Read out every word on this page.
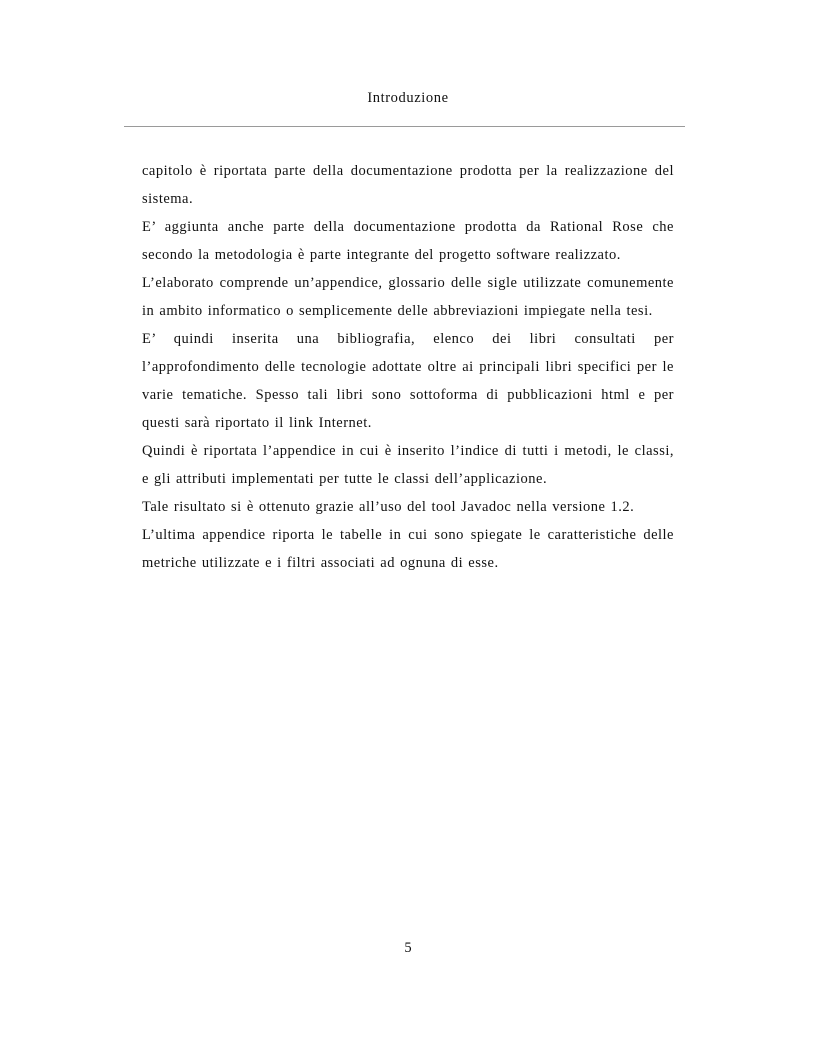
Introduzione

capitolo è riportata parte della documentazione prodotta per la realizzazione del sistema.

E’ aggiunta anche parte della documentazione prodotta da Rational Rose che secondo la metodologia è parte integrante del progetto software realizzato.

L’elaborato comprende un’appendice, glossario delle sigle utilizzate comunemente in ambito informatico o semplicemente delle abbreviazioni impiegate nella tesi.

E’ quindi inserita una bibliografia, elenco dei libri consultati per l’approfondimento delle tecnologie adottate oltre ai principali libri specifici per le varie tematiche. Spesso tali libri sono sottoforma di pubblicazioni html e per questi sarà riportato il link Internet.

Quindi è riportata l’appendice in cui è inserito l’indice di tutti i metodi, le classi, e gli attributi implementati per tutte le classi dell’applicazione.

Tale risultato si è ottenuto grazie all’uso del tool Javadoc nella versione 1.2.

L’ultima appendice riporta le tabelle in cui sono spiegate le caratteristiche delle metriche utilizzate e i filtri associati ad ognuna di esse.

5
